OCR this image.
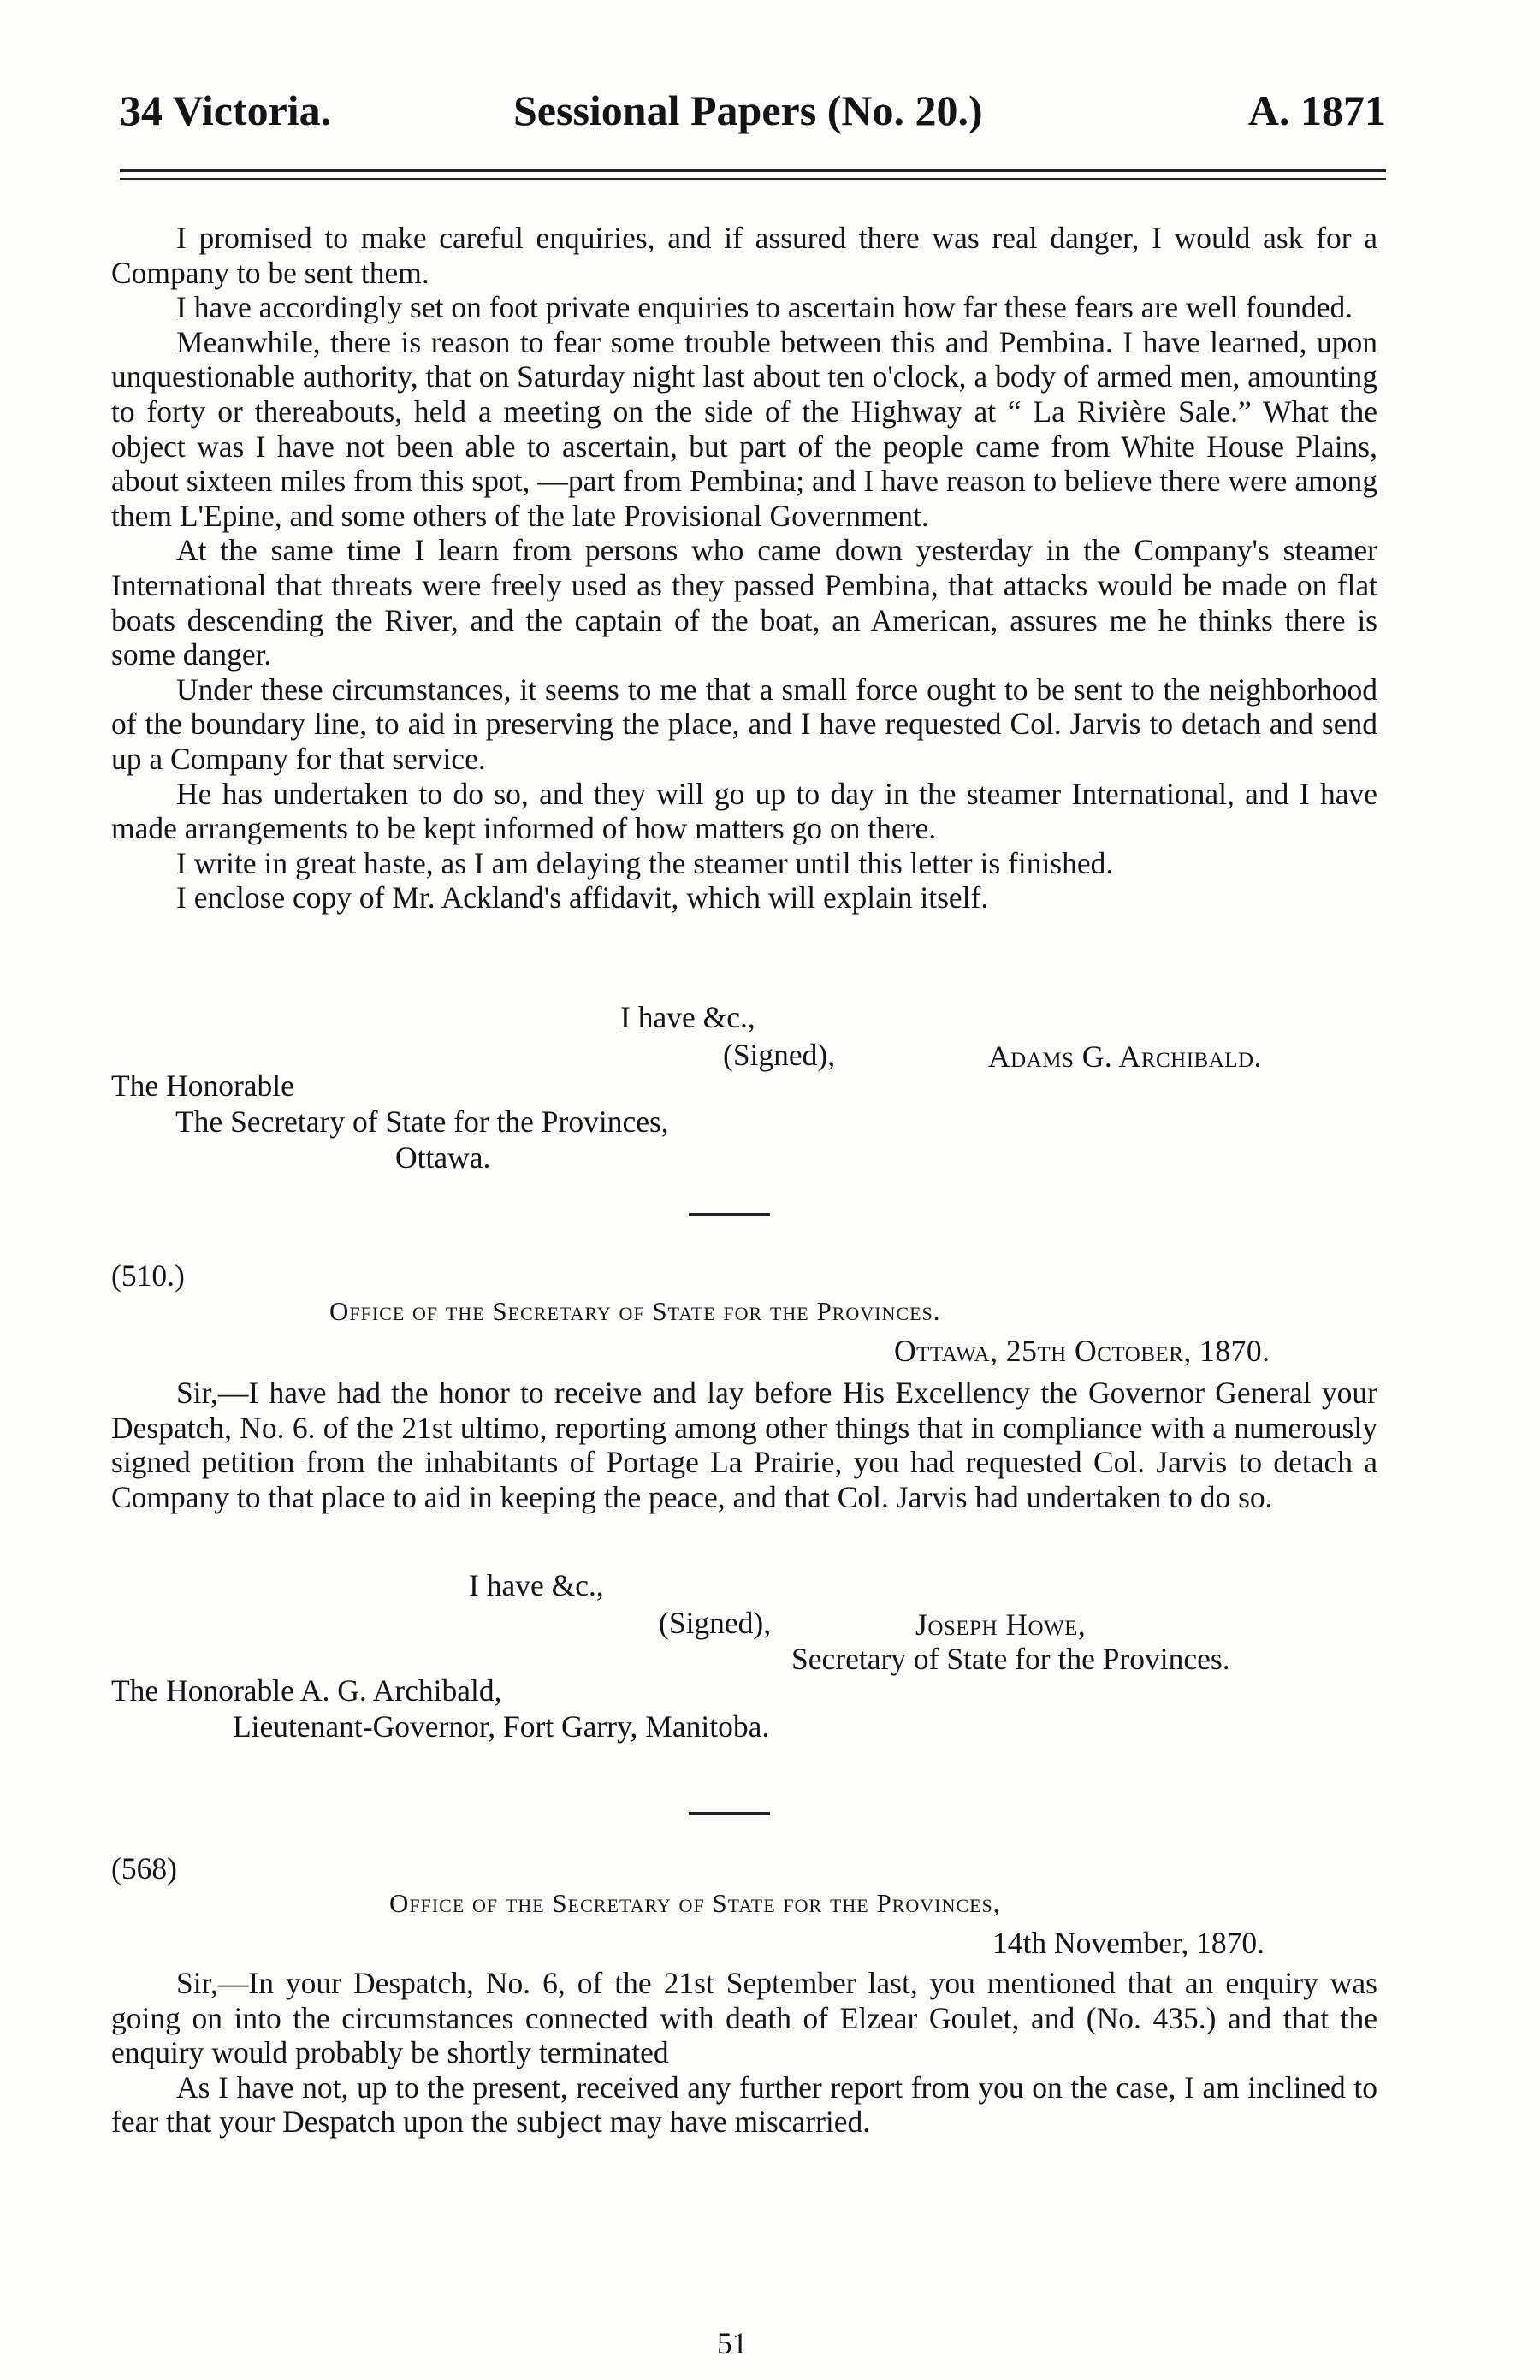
34 Victoria.	Sessional Papers (No. 20.)	A. 1871

I promised to make careful enquiries, and if assured there was real danger, I would ask for a Company to be sent them.

I have accordingly set on foot private enquiries to ascertain how far these fears are well founded.

Meanwhile, there is reason to fear some trouble between this and Pembina. I have learned, upon unquestionable authority, that on Saturday night last about ten o'clock, a body of armed men, amounting to forty or thereabouts, held a meeting on the side of the Highway at “ La Rivière Sale.” What the object was I have not been able to ascertain, but part of the people came from White House Plains, about sixteen miles from this spot, —part from Pembina; and I have reason to believe there were among them L'Epine, and some others of the late Provisional Government.

At the same time I learn from persons who came down yesterday in the Company's steamer International that threats were freely used as they passed Pembina, that attacks would be made on flat boats descending the River, and the captain of the boat, an American, assures me he thinks there is some danger.

Under these circumstances, it seems to me that a small force ought to be sent to the neighborhood of the boundary line, to aid in preserving the place, and I have requested Col. Jarvis to detach and send up a Company for that service.

He has undertaken to do so, and they will go up to day in the steamer International, and I have made arrangements to be kept informed of how matters go on there.

I write in great haste, as I am delaying the steamer until this letter is finished.

I enclose copy of Mr. Ackland's affidavit, which will explain itself.

I have &c.,
(Signed),	Adams G. Archibald.
The Honorable
The Secretary of State for the Provinces,
Ottawa.
(510.)
Office of the Secretary of State for the Provinces.
Ottawa, 25th October, 1870.

Sir,—I have had the honor to receive and lay before His Excellency the Governor General your Despatch, No. 6. of the 21st ultimo, reporting among other things that in compliance with a numerously signed petition from the inhabitants of Portage La Prairie, you had requested Col. Jarvis to detach a Company to that place to aid in keeping the peace, and that Col. Jarvis had undertaken to do so.

I have &c.,
(Signed),	Joseph Howe,
Secretary of State for the Provinces.
The Honorable A. G. Archibald,
Lieutenant-Governor, Fort Garry, Manitoba.
(568)
Office of the Secretary of State for the Provinces,
14th November, 1870.

Sir,—In your Despatch, No. 6, of the 21st September last, you mentioned that an enquiry was going on into the circumstances connected with death of Elzear Goulet, and (No. 435.) and that the enquiry would probably be shortly terminated

As I have not, up to the present, received any further report from you on the case, I am inclined to fear that your Despatch upon the subject may have miscarried.

51
